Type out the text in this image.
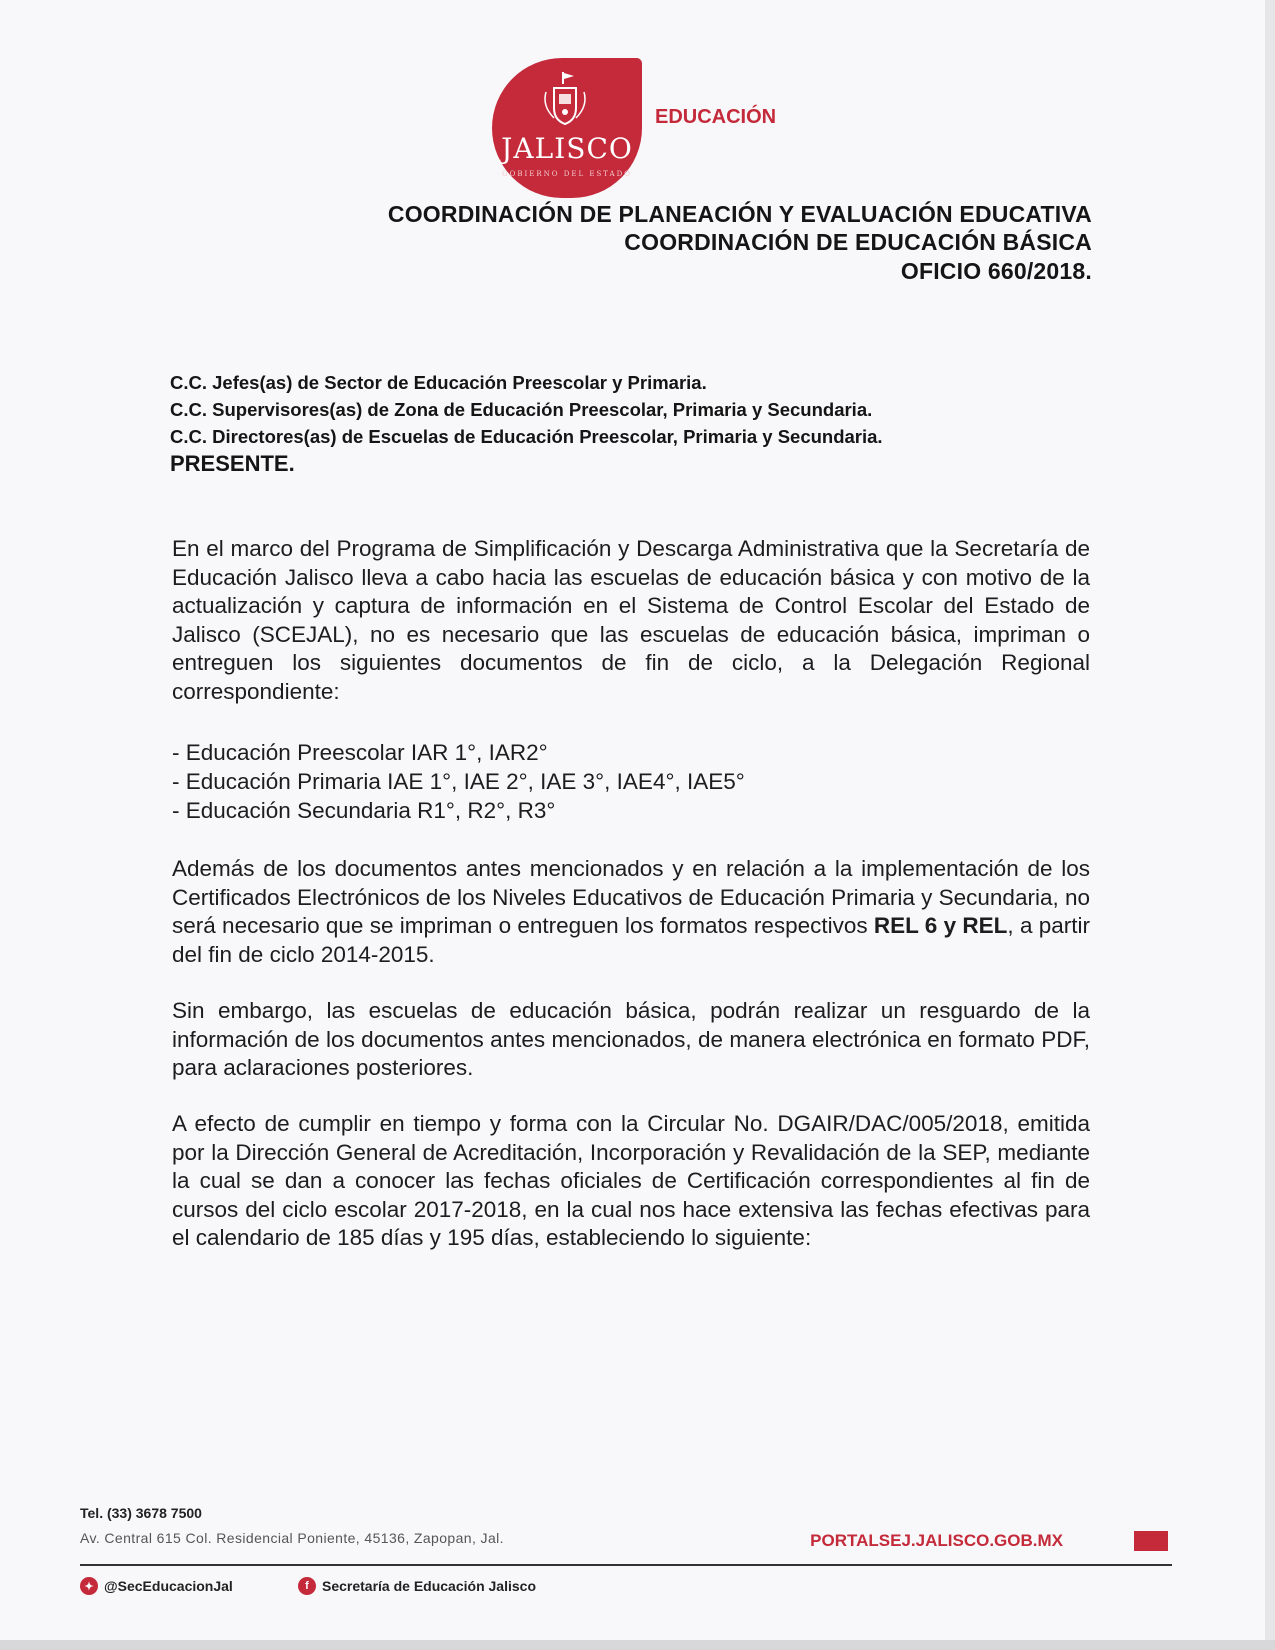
JALISCO
GOBIERNO DEL ESTADO
EDUCACIÓN
COORDINACIÓN DE PLANEACIÓN Y EVALUACIÓN EDUCATIVA
COORDINACIÓN DE EDUCACIÓN BÁSICA
OFICIO 660/2018.
C.C. Jefes(as) de Sector de Educación Preescolar y Primaria.
C.C. Supervisores(as) de Zona de Educación Preescolar, Primaria y Secundaria.
C.C. Directores(as) de Escuelas de Educación Preescolar, Primaria y Secundaria.
PRESENTE.
En el marco del Programa de Simplificación y Descarga Administrativa que la Secretaría de Educación Jalisco lleva a cabo hacia las escuelas de educación básica y con motivo de la actualización y captura de información en el Sistema de Control Escolar del Estado de Jalisco (SCEJAL), no es necesario que las escuelas de educación básica, impriman o entreguen los siguientes documentos de fin de ciclo, a la Delegación Regional correspondiente:
- Educación Preescolar IAR 1°, IAR2°
- Educación Primaria IAE 1°, IAE 2°, IAE 3°, IAE4°, IAE5°
- Educación Secundaria R1°, R2°, R3°
Además de los documentos antes mencionados y en relación a la implementación de los Certificados Electrónicos de los Niveles Educativos de Educación Primaria y Secundaria, no será necesario que se impriman o entreguen los formatos respectivos REL 6 y REL, a partir del fin de ciclo 2014-2015.
Sin embargo, las escuelas de educación básica, podrán realizar un resguardo de la información de los documentos antes mencionados, de manera electrónica en formato PDF, para aclaraciones posteriores.
A efecto de cumplir en tiempo y forma con la Circular No. DGAIR/DAC/005/2018, emitida por la Dirección General de Acreditación, Incorporación y Revalidación de la SEP, mediante la cual se dan a conocer las fechas oficiales de Certificación correspondientes al fin de cursos del ciclo escolar 2017-2018, en la cual nos hace extensiva las fechas efectivas para el calendario de 185 días y 195 días, estableciendo lo siguiente:
Tel. (33) 3678 7500
Av. Central 615 Col. Residencial Poniente, 45136, Zapopan, Jal.	PORTALSEJ.JALISCO.GOB.MX
✦ @SecEducacionJal	f Secretaría de Educación Jalisco
